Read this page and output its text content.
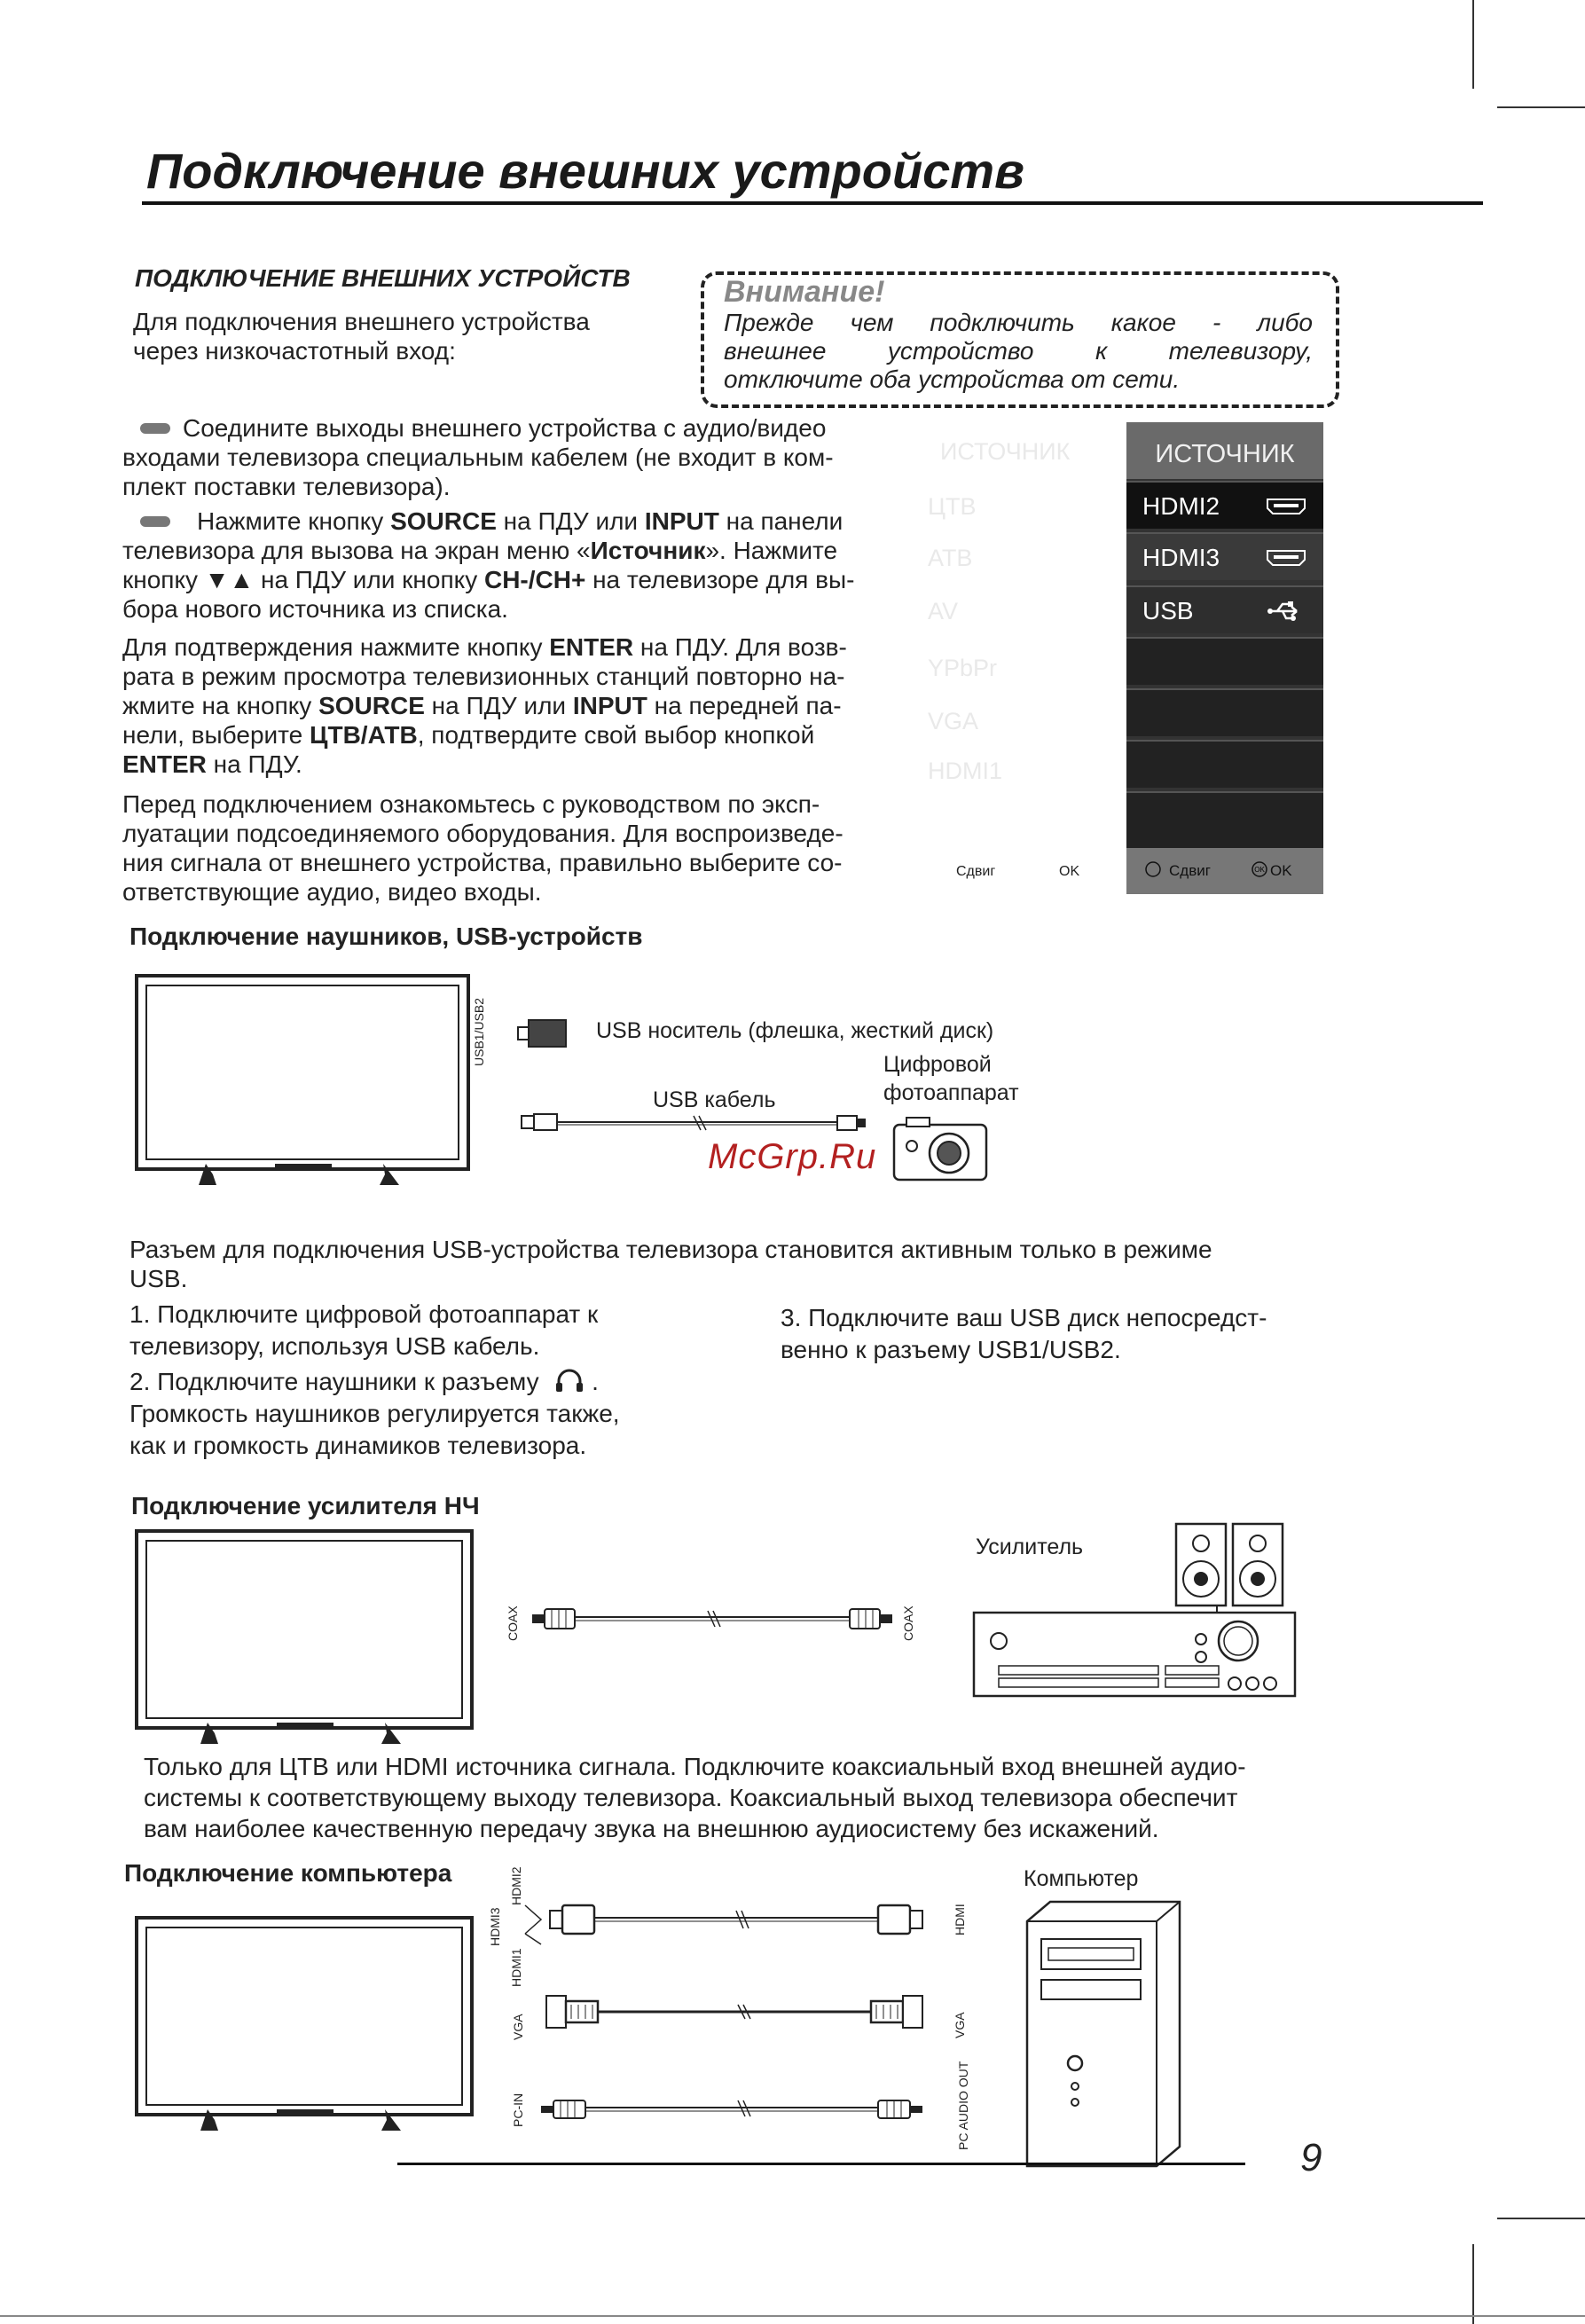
Подключение внешних устройств
ПОДКЛЮЧЕНИЕ ВНЕШНИХ УСТРОЙСТВ
Для подключения внешнего устройства
через низкочастотный вход:
Внимание!
Прежде чем подключить какое - либо
внешнее устройство к телевизору,
отключите оба устройства от сети.
Соедините выходы внешнего устройства с аудио/видео
входами телевизора специальным кабелем (не входит в ком-
плект поставки телевизора).
Нажмите кнопку SOURCE на ПДУ или INPUT на панели
телевизора для вызова на экран меню «Источник». Нажмите
кнопку ▼▲ на ПДУ или кнопку CH-/CH+ на телевизоре для вы-
бора нового источника из списка.
Для подтверждения нажмите кнопку ENTER на ПДУ. Для возв-
рата в режим просмотра телевизионных станций повторно на-
жмите на кнопку SOURCE на ПДУ или INPUT на передней па-
нели, выберите ЦТВ/АТВ, подтвердите свой выбор кнопкой
ENTER на ПДУ.
Перед подключением ознакомьтесь с руководством по эксп-
луатации подсоединяемого оборудования. Для воспроизведе-
ния сигнала от внешнего устройства, правильно выберите со-
ответствующие аудио, видео входы.
ИСТОЧНИК
ЦТВ
АТВ
AV
YPbPr
VGA
HDMI1
Сдвиг	OK
ИСТОЧНИК
HDMI2
HDMI3
USB
Сдвиг	OK OK
Подключение наушников, USB-устройств
USB1/USB2	USB носитель (флешка, жесткий диск)
Цифровой
фотоаппарат
USB кабель
McGrp.Ru
Разъем для подключения USB-устройства телевизора становится активным только в режиме
USB.
1. Подключите цифровой фотоаппарат к
телевизору, используя USB кабель.
2. Подключите наушники к разъему  .
Громкость наушников регулируется также,
как и громкость динамиков телевизора.
3. Подключите ваш USB диск непосредст-
венно к разъему USB1/USB2.
Подключение усилителя НЧ
COAX	COAX
Усилитель
Только для ЦТВ или HDMI источника сигнала. Подключите коаксиальный вход внешней аудио-
системы к соответствующему выходу телевизора. Коаксиальный выход телевизора обеспечит
вам наиболее качественную передачу звука на внешнюю аудиосистему без искажений.
Подключение компьютера	Компьютер
HDMI2
HDMI3
HDMI1
VGA
PC-IN
HDMI
VGA
PC AUDIO OUT
9
